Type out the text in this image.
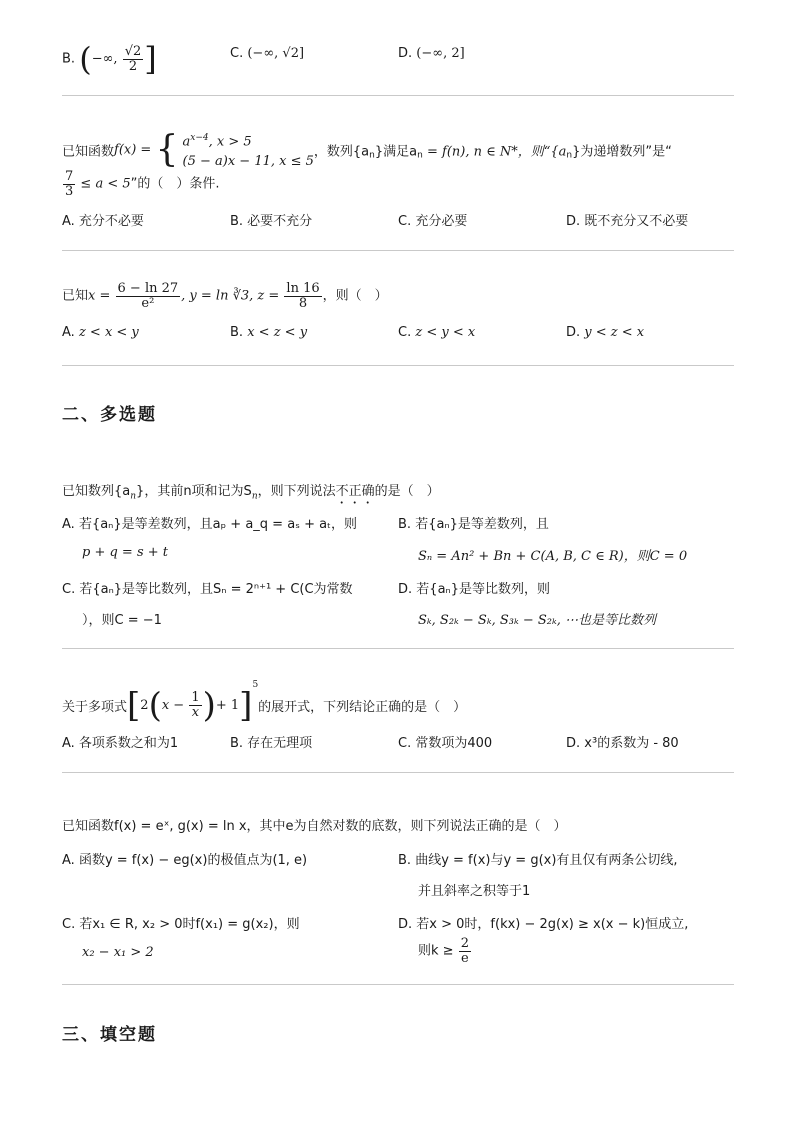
B. (−∞, $\frac{√2}{2}$ ]	C. (−∞, √2]	D. (−∞, 2]
已知函数f(x) = { $a^{x-4}$, x > 5
(5 − a)x − 11, x ≤ 5
，数列$\{a_n\}$满足$a_n = f(n)$, n ∈ N*，则“$\{a_n\}$为递增数列”是“
$\frac{7}{3} \le a < 5$”的（　）条件.
A. 充分不必要	B. 必要不充分	C. 充分必要	D. 既不充分又不必要
已知$x = \frac{6 - \ln 27}{\text{e²}}$ , y = ln ∛3, $z = \frac{\ln 16}{8}$ ，则（　）
A. z < x < y	B. x < z < y	C. z < y < x	D. y < z < x
二、多选题
已知数列$\{a_n\}$，其前n项和记为$S_n$，则下列说法不正确的是（　）
A. 若{aₙ}是等差数列，且aₚ + a_q = aₛ + aₜ，则
p + q = s + t
B. 若{aₙ}是等差数列，且
Sₙ = An² + Bn + C(A, B, C ∈ R)，则C = 0
C. 若{aₙ}是等比数列，且Sₙ = 2ⁿ⁺¹ + C(C为常数
），则C = −1
D. 若{aₙ}是等比数列，则
Sₖ, S₂ₖ − Sₖ, S₃ₖ − S₂ₖ, ⋯也是等比数列
关于多项式[$2(x - \frac{1}{x}$ )+ 1]$^5$的展开式，下列结论正确的是（　）
A. 各项系数之和为1	B. 存在无理项	C. 常数项为400	D. x³的系数为 - 80
已知函数f(x) = eˣ, g(x) = ln x，其中e为自然对数的底数，则下列说法正确的是（　）
A. 函数y = f(x) − eg(x)的极值点为(1, e)	B. 曲线y = f(x)与y = g(x)有且仅有两条公切线,
并且斜率之积等于1
C. 若x₁ ∈ R, x₂ > 0时f(x₁) = g(x₂)，则
x₂ − x₁ > 2
D. 若x > 0时，f(kx) − 2g(x) ≥ x(x − k)恒成立,
则$k \ge \frac{2}{e}$
三、填空题
